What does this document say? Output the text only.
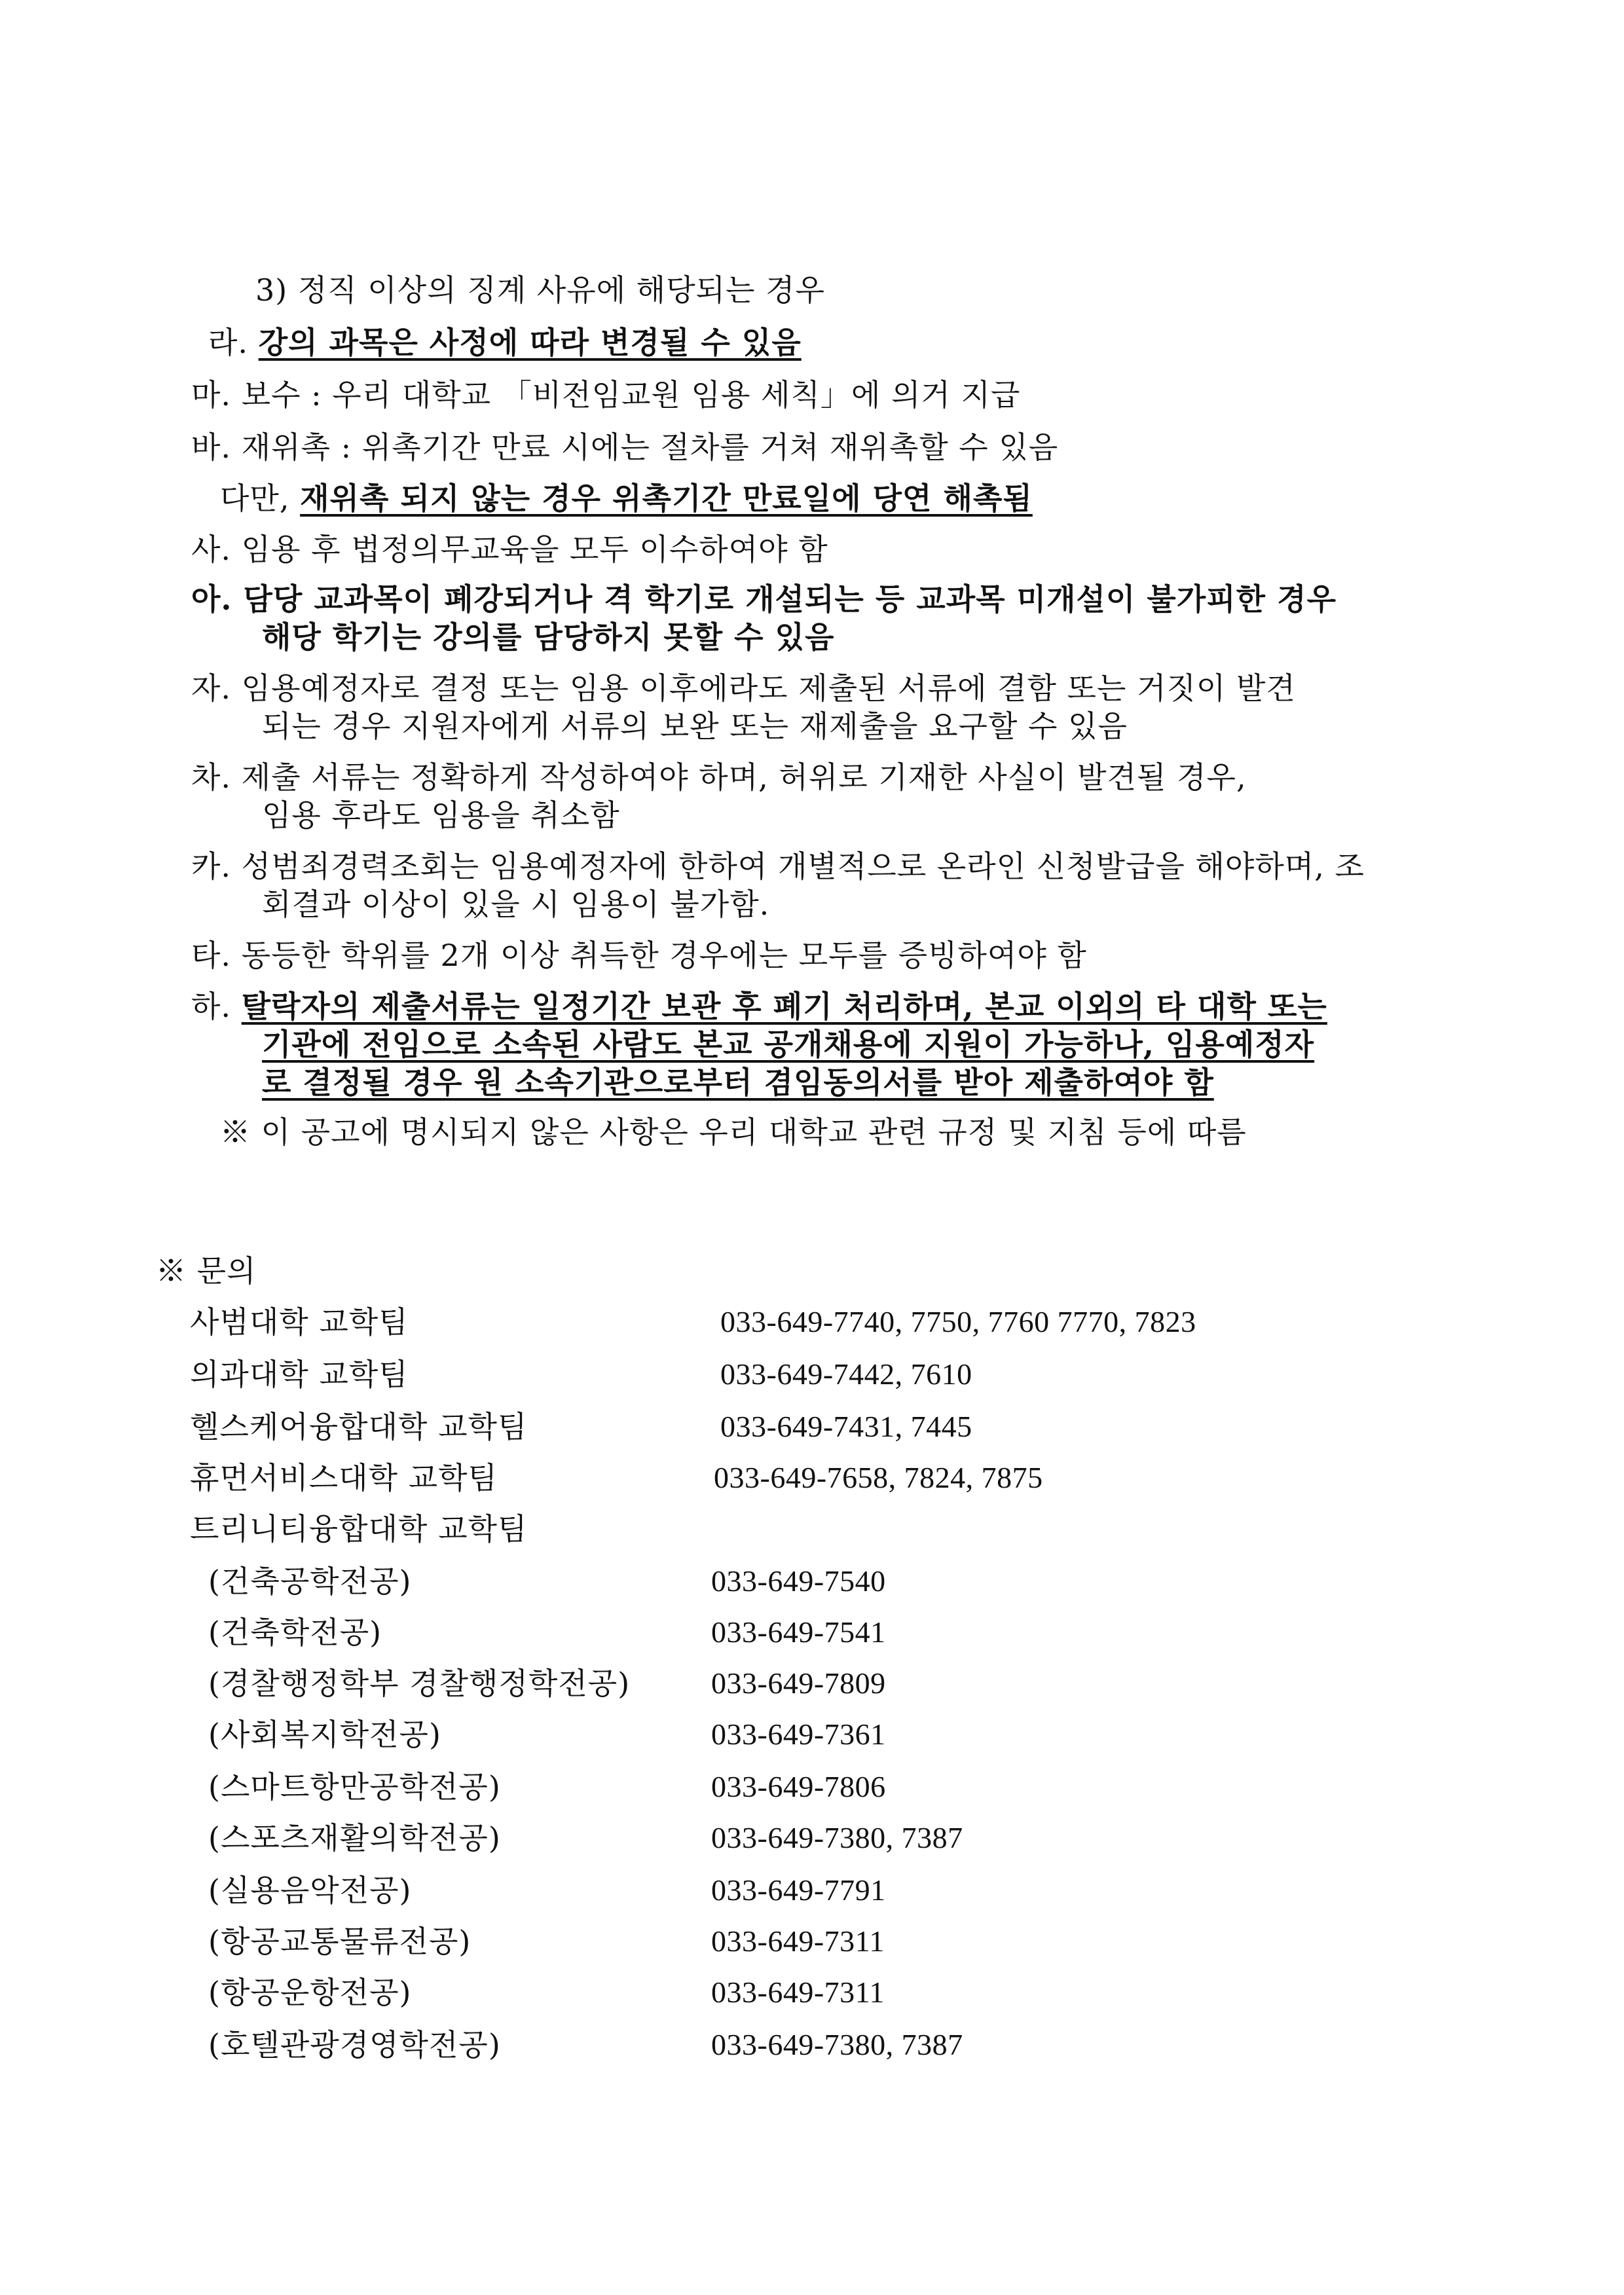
3) 정직 이상의 징계 사유에 해당되는 경우
라. 강의 과목은 사정에 따라 변경될 수 있음
마. 보수 : 우리 대학교 「비전임교원 임용 세칙」에 의거 지급
바. 재위촉 : 위촉기간 만료 시에는 절차를 거쳐 재위촉할 수 있음
다만, 재위촉 되지 않는 경우 위촉기간 만료일에 당연 해촉됨
사. 임용 후 법정의무교육을 모두 이수하여야 함
아. 담당 교과목이 폐강되거나 격 학기로 개설되는 등 교과목 미개설이 불가피한 경우
해당 학기는 강의를 담당하지 못할 수 있음
자. 임용예정자로 결정 또는 임용 이후에라도 제출된 서류에 결함 또는 거짓이 발견
되는 경우 지원자에게 서류의 보완 또는 재제출을 요구할 수 있음
차. 제출 서류는 정확하게 작성하여야 하며, 허위로 기재한 사실이 발견될 경우,
임용 후라도 임용을 취소함
카. 성범죄경력조회는 임용예정자에 한하여 개별적으로 온라인 신청발급을 해야하며, 조
회결과 이상이 있을 시 임용이 불가함.
타. 동등한 학위를 2개 이상 취득한 경우에는 모두를 증빙하여야 함
하. 탈락자의 제출서류는 일정기간 보관 후 폐기 처리하며, 본교 이외의 타 대학 또는
기관에 전임으로 소속된 사람도 본교 공개채용에 지원이 가능하나, 임용예정자
로 결정될 경우 원 소속기관으로부터 겸임동의서를 받아 제출하여야 함
※ 이 공고에 명시되지 않은 사항은 우리 대학교 관련 규정 및 지침 등에 따름
※ 문의
사범대학 교학팀	033-649-7740, 7750, 7760 7770, 7823
의과대학 교학팀	033-649-7442, 7610
헬스케어융합대학 교학팀	033-649-7431, 7445
휴먼서비스대학 교학팀	033-649-7658, 7824, 7875
트리니티융합대학 교학팀
(건축공학전공)	033-649-7540
(건축학전공)	033-649-7541
(경찰행정학부 경찰행정학전공)	033-649-7809
(사회복지학전공)	033-649-7361
(스마트항만공학전공)	033-649-7806
(스포츠재활의학전공)	033-649-7380, 7387
(실용음악전공)	033-649-7791
(항공교통물류전공)	033-649-7311
(항공운항전공)	033-649-7311
(호텔관광경영학전공)	033-649-7380, 7387
